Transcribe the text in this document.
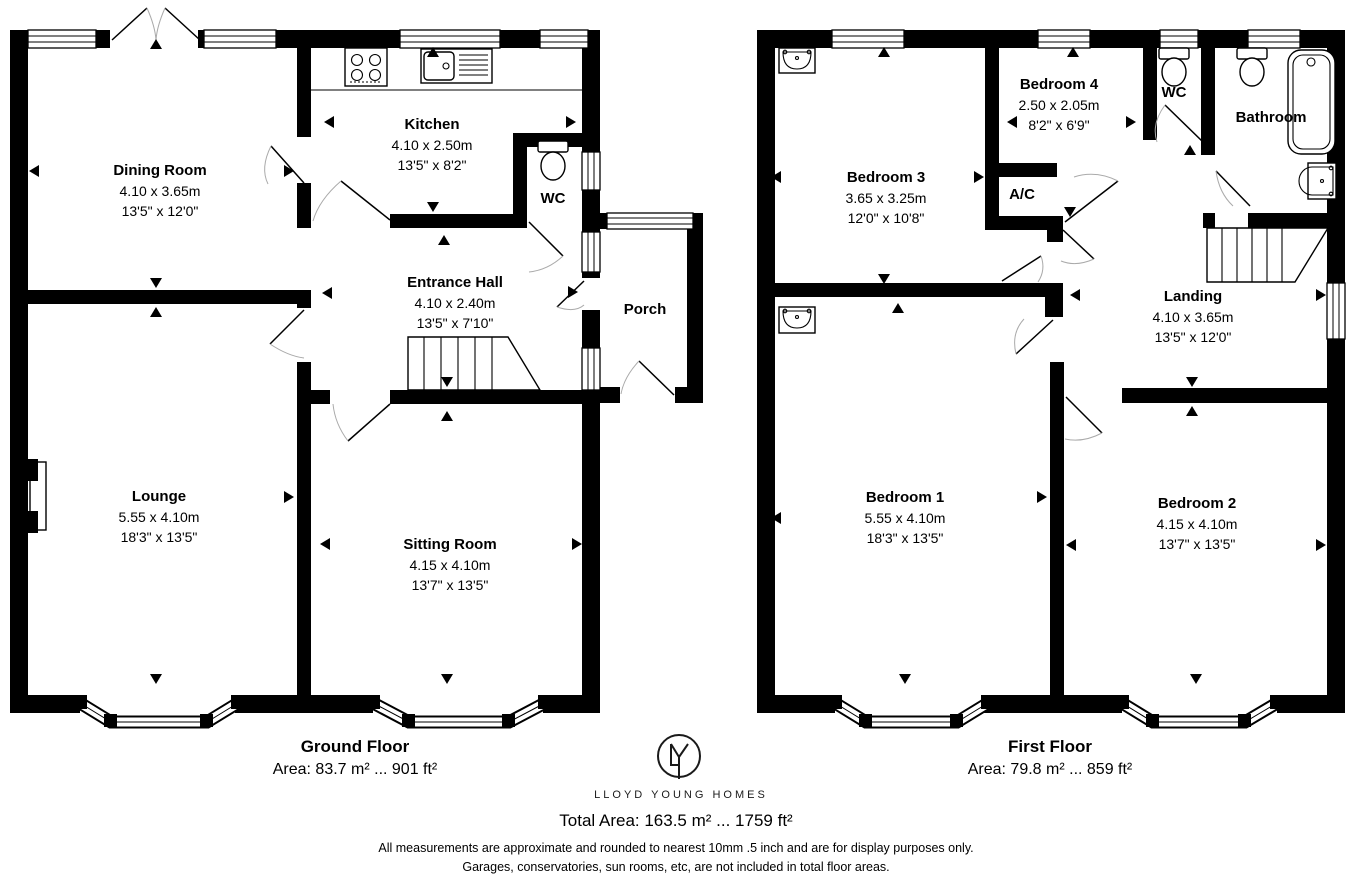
Dining Room
4.10 x 3.65m
13'5" x 12'0"
Kitchen
4.10 x 2.50m
13'5" x 8'2"
WC
Entrance Hall
4.10 x 2.40m
13'5" x 7'10"
Porch
Lounge
5.55 x 4.10m
18'3" x 13'5"	Sitting Room
4.15 x 4.10m
13'7" x 13'5"
Bedroom 3
3.65 x 3.25m
12'0" x 10'8"
Bedroom 4
2.50 x 2.05m
8'2" x 6'9"
A/C
WC
Bathroom
Landing
4.10 x 3.65m
13'5" x 12'0"
Bedroom 1
5.55 x 4.10m
18'3" x 13'5"
Bedroom 2
4.15 x 4.10m
13'7" x 13'5"
Ground Floor
Area: 83.7 m² ... 901 ft²
First Floor
Area: 79.8 m² ... 859 ft²
LLOYD YOUNG HOMES
Total Area: 163.5 m² ... 1759 ft²
All measurements are approximate and rounded to nearest 10mm .5 inch and are for display purposes only.
Garages, conservatories, sun rooms, etc, are not included in total floor areas.
